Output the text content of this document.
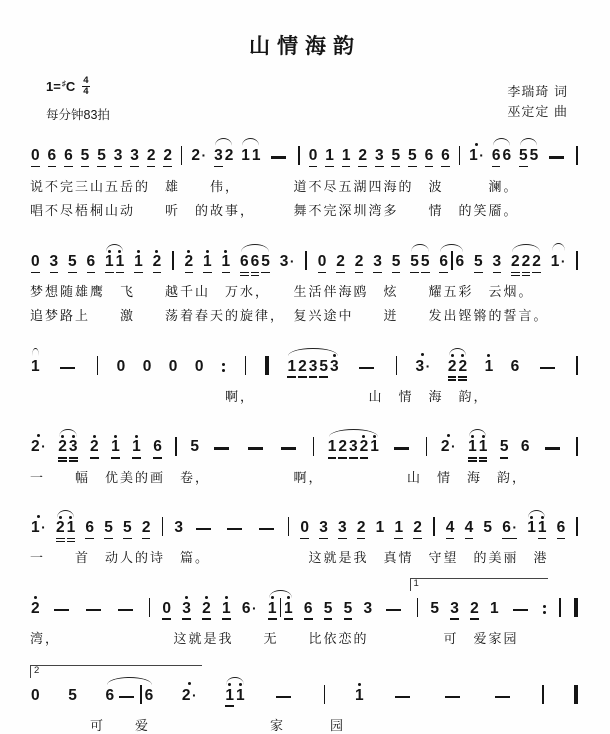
山情海韵
1=♯ C $\frac{4}{4}$
每分钟83拍
李瑞琦 词
巫定定 曲
0 6 6 5 5 3 3 2 2 2 · 3 2 1 1	0 1 1 2 3 5 5 6 6 1 · 6 6 5 5
说不完三山五岳的　雄　　伟，　　　　道不尽五湖四海的　波　　　澜。
唱不尽梧桐山动　　听　的故事，　　　舞不完深圳湾多　　情　的笑靥。
0 3 5 6 1 1 1 2 2 1 1 6 6 5 3 · 0 2 2 3 5 5 5 6 6 5 3 2 2 2 1 ·
梦想随雄鹰　飞　　越千山　万水，　　生活伴海鸥　炫　　耀五彩　云烟。
追梦路上　　激　　荡着春天的旋律，　复兴途中　　迸　　发出铿锵的誓言。
1	0 0 0 0	1 2 3 5 3	3 · 2 2 1 6
　　　　　　　　　　　　　啊，　　　　　　　　山　情　海　韵，
2 · 2 3 2 1 1 6 5	1 2 3 2 1	2 · 1 1 5 6
一　　幅　优美的画　卷，　　　　　　啊，　　　　　　山　情　海　韵，
1 · 2 1 6 5 5 2 3	0 3 3 2 1 1 2 4 4 5 6 · 1 1 6
一　　首　动人的诗　篇。　　　　　　　这就是我　真情　守望　的美丽　港
1
2	0 3 2 1 6 · 1 1 6 5 5 3	5 3 2 1
湾，　　　　　　　　这就是我　　无　　比依恋的　　　　　可　爱家园
2
0 5 6 6 2 · 1 1	1
　　　　可　　爱　　　　　　　　家　　　园
